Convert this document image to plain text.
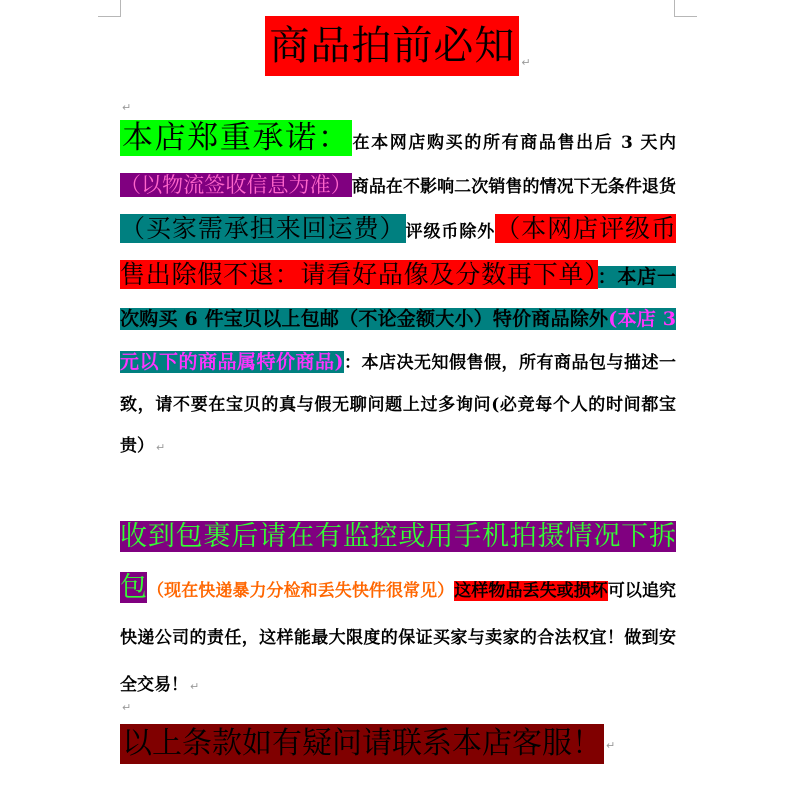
商品拍前必知 ↵
↵
本店郑重承诺： 在本网店购买的所有商品售出后 3 天内（以物流签收信息为准）商品在不影响二次销售的情况下无条件退货（买家需承担来回运费）评级币除外（本网店评级币售出除假不退：请看好品像及分数再下单）：本店一次购买 6 件宝贝以上包邮（不论金额大小）特价商品除外(本店 3 元以下的商品属特价商品)：本店决无知假售假，所有商品包与描述一致，请不要在宝贝的真与假无聊问题上过多询问(必竞每个人的时间都宝贵） ↵
收到包裹后请在有监控或用手机拍摄情况下拆包（现在快递暴力分检和丢失快件很常见）这样物品丢失或损坏可以追究快递公司的责任，这样能最大限度的保证买家与卖家的合法权宜！做到安全交易！ ↵
↵
以上条款如有疑问请联系本店客服！ ↵
